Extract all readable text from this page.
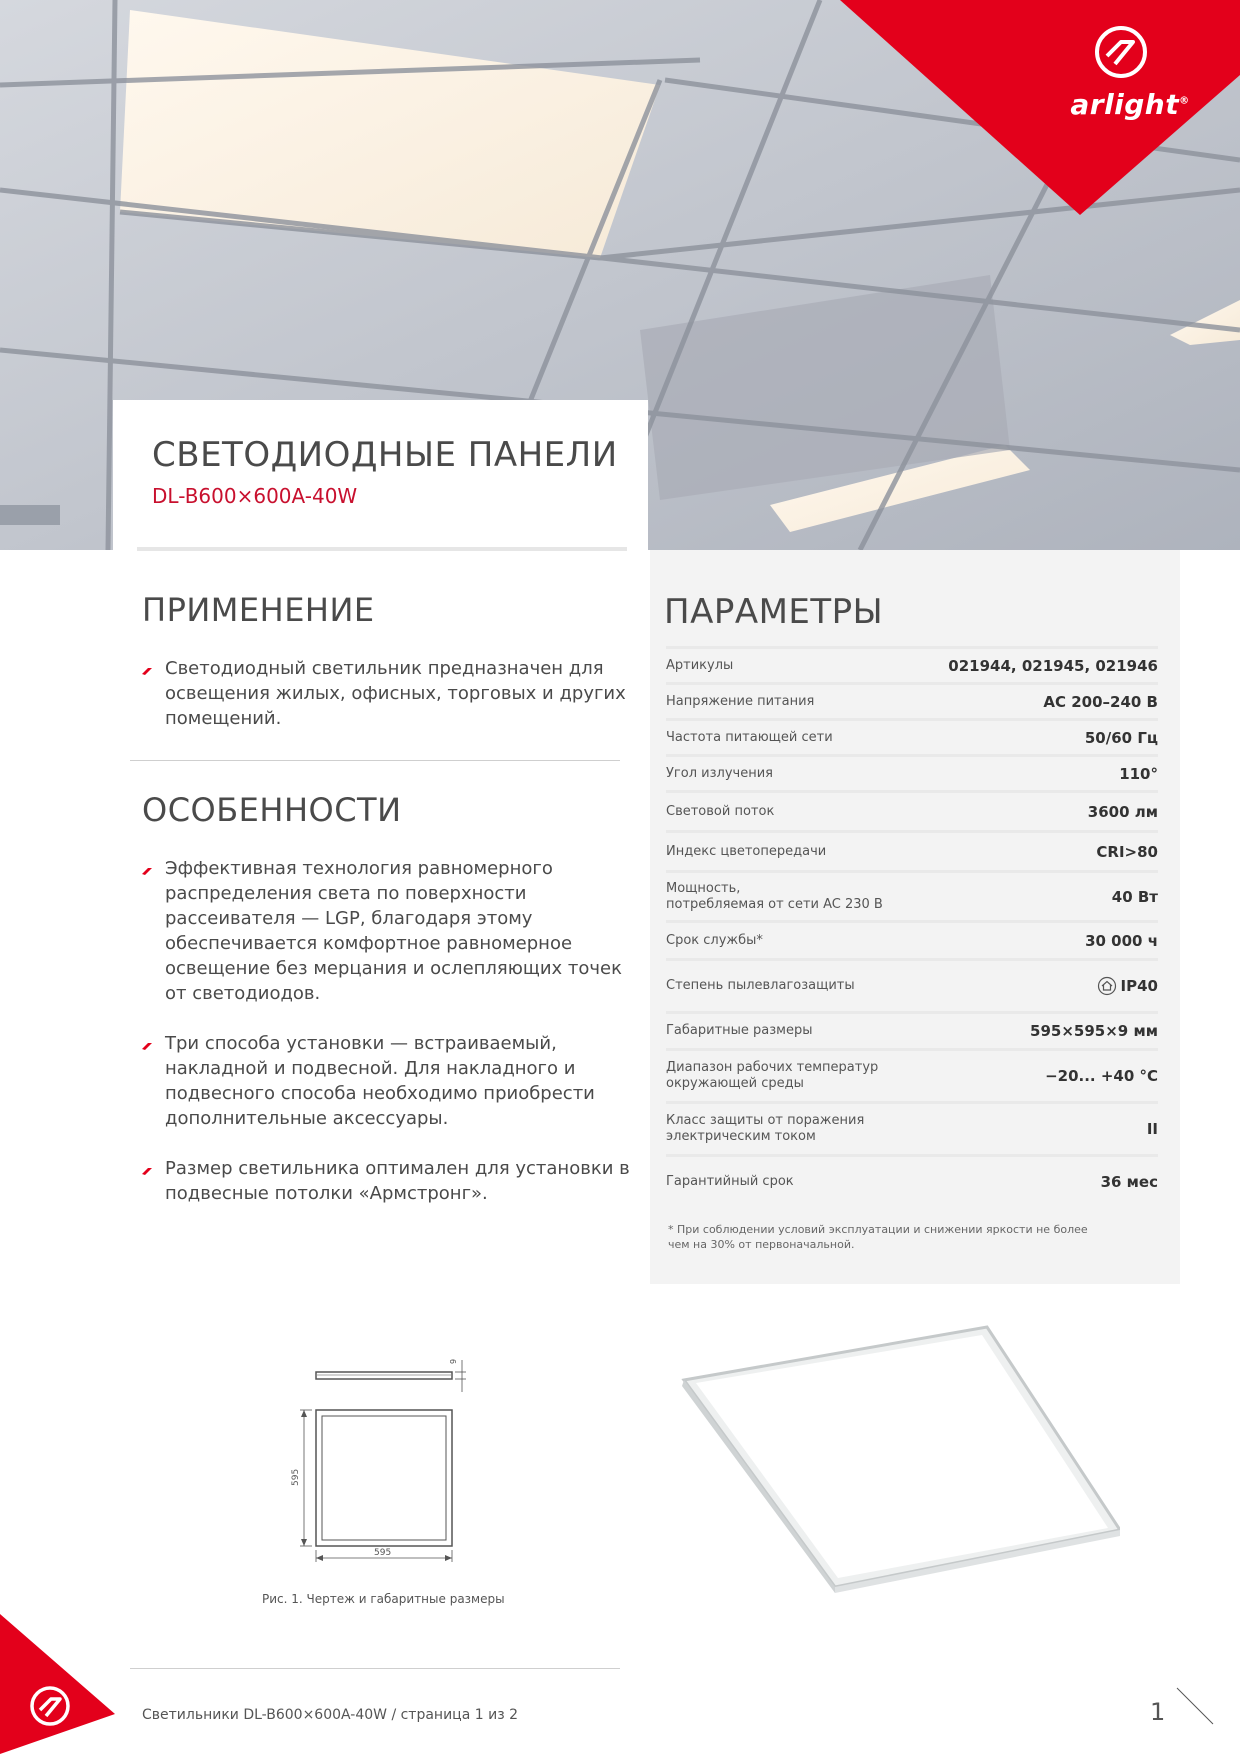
arlight®
СВЕТОДИОДНЫЕ ПАНЕЛИ

DL-B600×600A-40W

ПРИМЕНЕНИЕ

Светодиодный светильник предназначен для освещения жилых, офисных, торговых и других помещений.

ОСОБЕННОСТИ

Эффективная технология равномерного распределения света по поверхности рассеивателя — LGP, благодаря этому обеспечивается комфортное равномерное освещение без мерцания и ослепляющих точек от светодиодов.

Три способа установки — встраиваемый, накладной и подвесной. Для накладного и подвесного способа необходимо приобрести дополнительные аксессуары.

Размер светильника оптимален для установки в подвесные потолки «Армстронг».

ПАРАМЕТРЫ
Артикулы	021944, 021945, 021946
Напряжение питания	AC 200–240 В
Частота питающей сети	50/60 Гц
Угол излучения	110°
Световой поток	3600 лм
Индекс цветопередачи	CRI>80
Мощность,
потребляемая от сети AC 230 В	40 Вт
Срок службы*	30 000 ч
Степень пылевлагозащиты	IP40
Габаритные размеры	595×595×9 мм
Диапазон рабочих температур
окружающей среды	−20... +40 °C
Класс защиты от поражения
электрическим током	II
Гарантийный срок	36 мес

* При соблюдении условий эксплуатации и снижении яркости не более чем на 30% от первоначальной.

9
595
595

Рис. 1. Чертеж и габаритные размеры

Светильники DL-B600×600A-40W / страница 1 из 2	1
